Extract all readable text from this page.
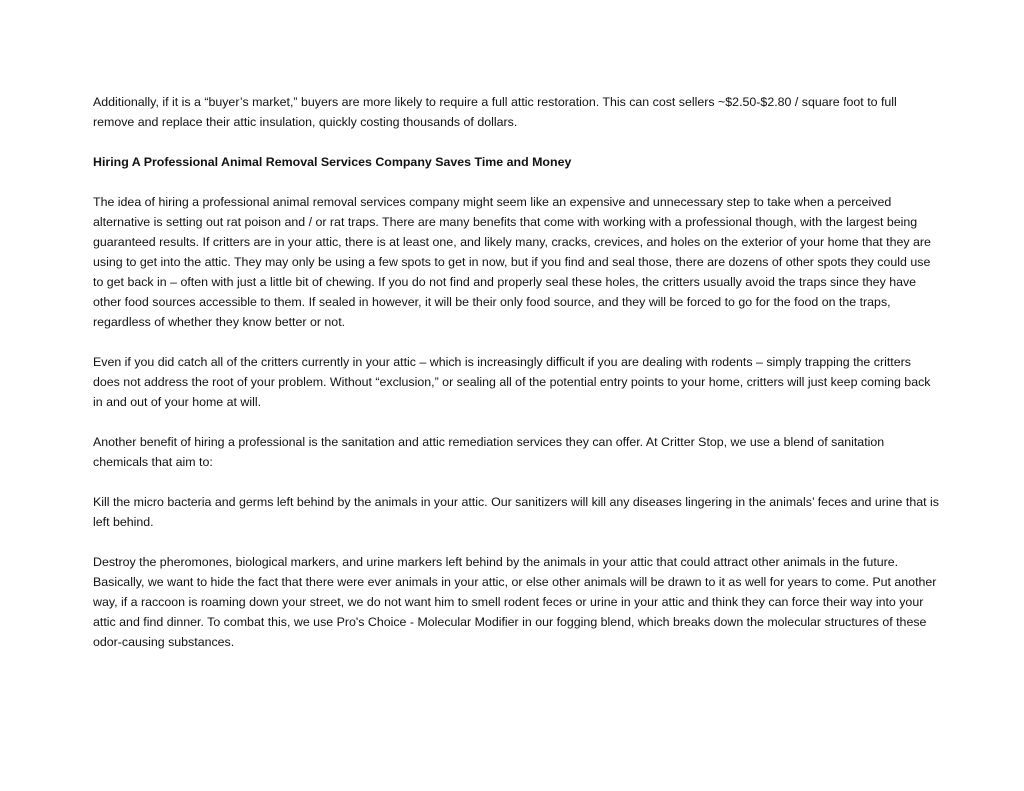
Additionally, if it is a “buyer’s market,” buyers are more likely to require a full attic restoration. This can cost sellers ~$2.50-$2.80 / square foot to full remove and replace their attic insulation, quickly costing thousands of dollars.

Hiring A Professional Animal Removal Services Company Saves Time and Money

The idea of hiring a professional animal removal services company might seem like an expensive and unnecessary step to take when a perceived alternative is setting out rat poison and / or rat traps. There are many benefits that come with working with a professional though, with the largest being guaranteed results. If critters are in your attic, there is at least one, and likely many, cracks, crevices, and holes on the exterior of your home that they are using to get into the attic. They may only be using a few spots to get in now, but if you find and seal those, there are dozens of other spots they could use to get back in – often with just a little bit of chewing. If you do not find and properly seal these holes, the critters usually avoid the traps since they have other food sources accessible to them. If sealed in however, it will be their only food source, and they will be forced to go for the food on the traps, regardless of whether they know better or not.

Even if you did catch all of the critters currently in your attic – which is increasingly difficult if you are dealing with rodents – simply trapping the critters does not address the root of your problem. Without “exclusion,” or sealing all of the potential entry points to your home, critters will just keep coming back in and out of your home at will.

Another benefit of hiring a professional is the sanitation and attic remediation services they can offer. At Critter Stop, we use a blend of sanitation chemicals that aim to:

Kill the micro bacteria and germs left behind by the animals in your attic. Our sanitizers will kill any diseases lingering in the animals’ feces and urine that is left behind.

Destroy the pheromones, biological markers, and urine markers left behind by the animals in your attic that could attract other animals in the future. Basically, we want to hide the fact that there were ever animals in your attic, or else other animals will be drawn to it as well for years to come. Put another way, if a raccoon is roaming down your street, we do not want him to smell rodent feces or urine in your attic and think they can force their way into your attic and find dinner. To combat this, we use Pro's Choice - Molecular Modifier in our fogging blend, which breaks down the molecular structures of these odor-causing substances.
